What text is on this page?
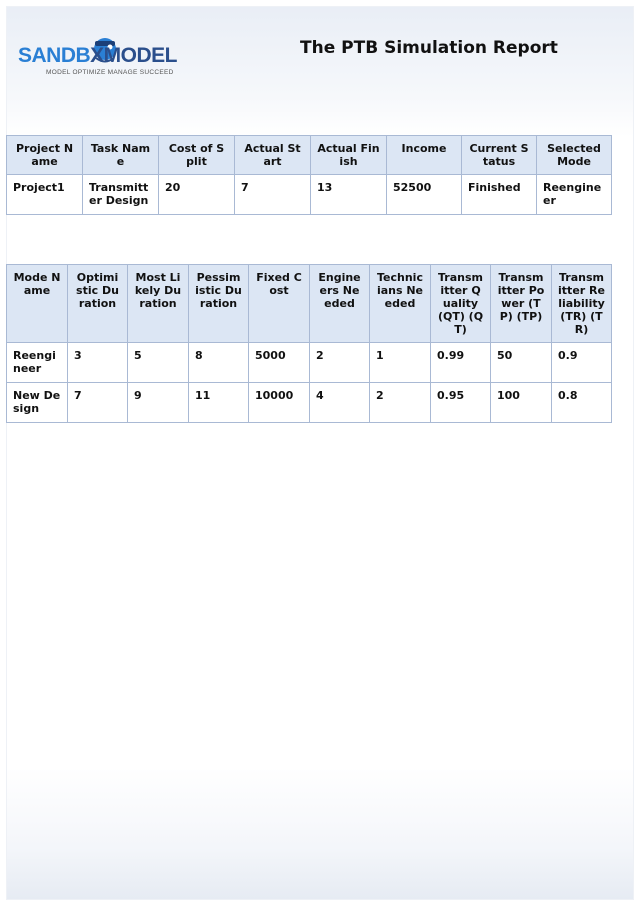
SANDBXMODEL
MODEL OPTIMIZE MANAGE SUCCEED
The PTB Simulation Report
Project Name	Task Name	Cost of Split	Actual Start	Actual Finish	Income	Current Status	Selected Mode
Project1	Transmitter Design	20	7	13	52500	Finished	Reengineer
Mode Name	Optimistic Duration	Most Likely Duration	Pessimistic Duration	Fixed Cost	Engineers Needed	Technicians Needed	Transmitter Quality (QT) (QT)	Transmitter Power (TP) (TP)	Transmitter Reliability (TR) (TR)
Reengineer	3	5	8	5000	2	1	0.99	50	0.9
New Design	7	9	11	10000	4	2	0.95	100	0.8
